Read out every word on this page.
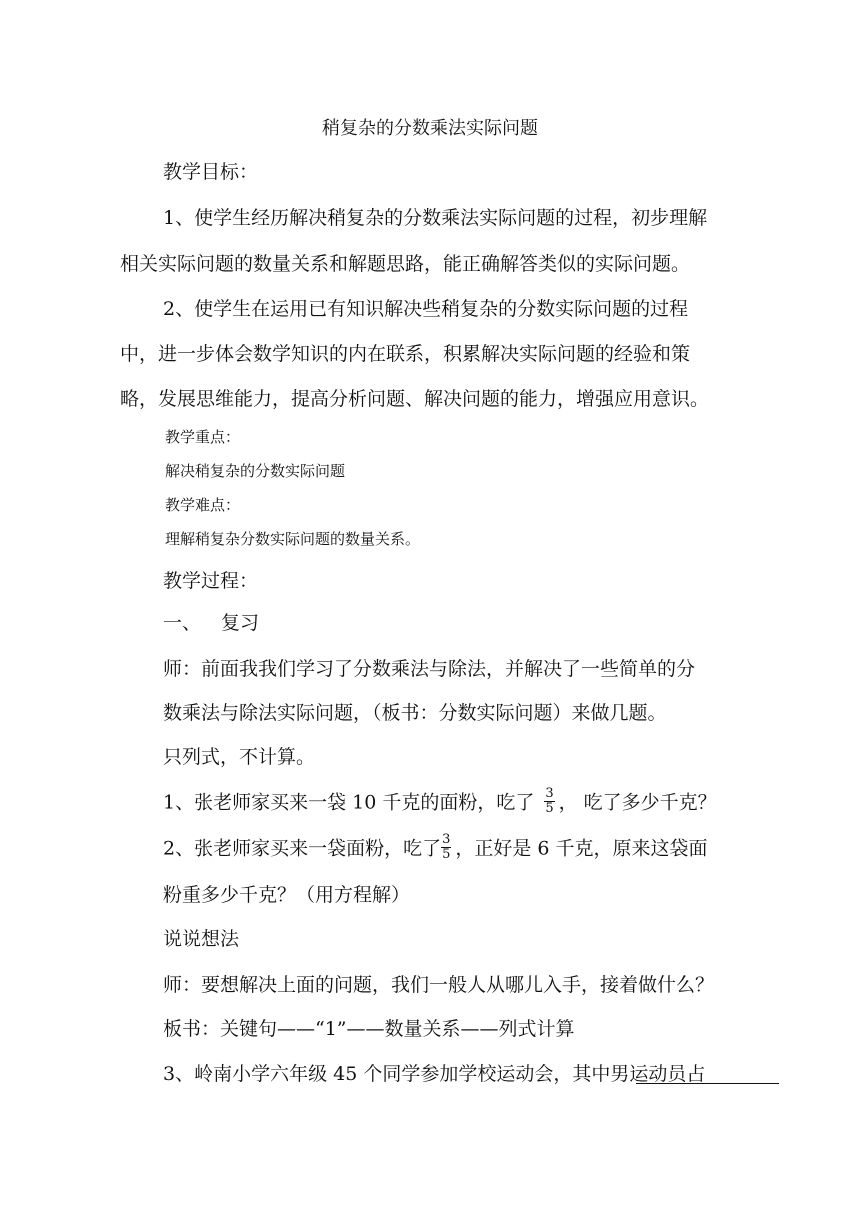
稍复杂的分数乘法实际问题
教学目标：
1、使学生经历解决稍复杂的分数乘法实际问题的过程，初步理解
相关实际问题的数量关系和解题思路，能正确解答类似的实际问题。
2、使学生在运用已有知识解决些稍复杂的分数实际问题的过程
中，进一步体会数学知识的内在联系，积累解决实际问题的经验和策
略，发展思维能力，提高分析问题、解决问题的能力，增强应用意识。
教学重点：
解决稍复杂的分数实际问题
教学难点：
理解稍复杂分数实际问题的数量关系。
教学过程：
一、 复习
师：前面我我们学习了分数乘法与除法，并解决了一些简单的分
数乘法与除法实际问题，（板书：分数实际问题）来做几题。
只列式，不计算。
1、张老师家买来一袋 10 千克的面粉，吃了 $\frac{3}{5}$ ， 吃了多少千克？
2、张老师家买来一袋面粉，吃了 $\frac{3}{5}$ ，正好是 6 千克，原来这袋面
粉重多少千克？（用方程解）
说说想法
师：要想解决上面的问题，我们一般人从哪儿入手，接着做什么？
板书：关键句——“1”——数量关系——列式计算
3、岭南小学六年级 45 个同学参加学校运动会，其中男运动员占
